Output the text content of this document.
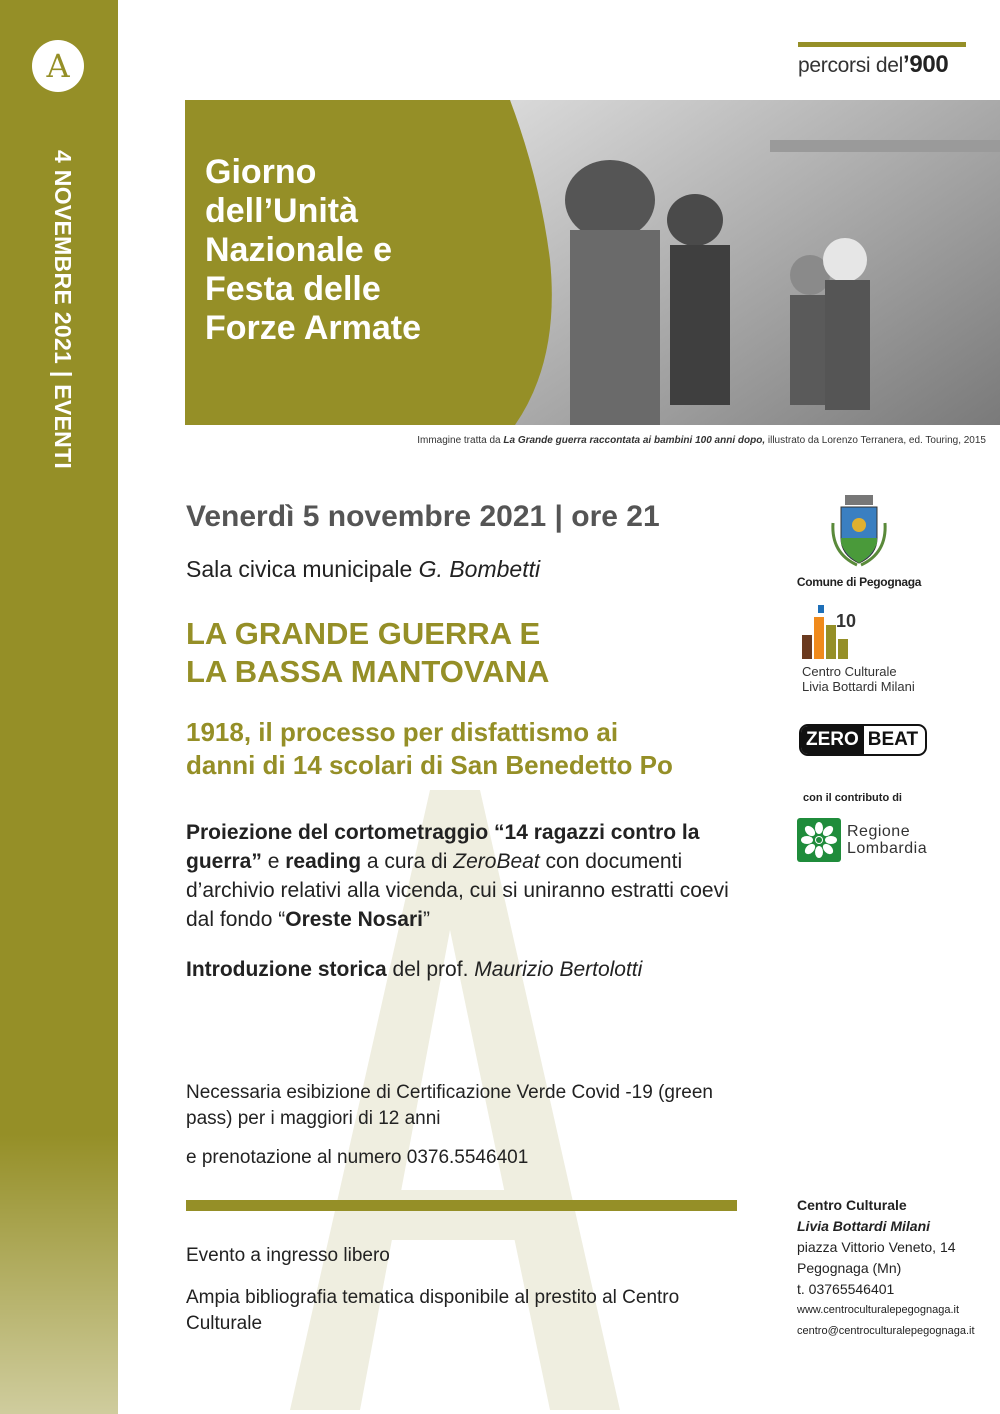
A
4 NOVEMBRE 2021 | EVENTI
percorsi del’900
Giorno
dell’Unità
Nazionale e
Festa delle
Forze Armate
Immagine tratta da La Grande guerra raccontata ai bambini 100 anni dopo, illustrato da Lorenzo Terranera, ed. Touring, 2015
Venerdì 5 novembre 2021 | ore 21
Sala civica municipale G. Bombetti
LA GRANDE GUERRA E
LA BASSA MANTOVANA
1918, il processo per disfattismo ai
danni di 14 scolari di San Benedetto Po
Proiezione del cortometraggio “14 ragazzi contro la guerra” e reading a cura di ZeroBeat con documenti d’archivio relativi alla vicenda, cui si uniranno estratti coevi dal fondo “Oreste Nosari”
Introduzione storica del prof. Maurizio Bertolotti
Necessaria esibizione di Certificazione Verde Covid -19 (green pass) per i maggiori di 12 anni
e prenotazione al numero 0376.5546401
Evento a ingresso libero
Ampia bibliografia tematica disponibile al prestito al Centro Culturale
Comune di Pegognaga
10
Centro Culturale
Livia Bottardi Milani
ZERO BEAT
con il contributo di
Regione
Lombardia
Centro Culturale
Livia Bottardi Milani
piazza Vittorio Veneto, 14
Pegognaga (Mn)
t. 03765546401
www.centroculturalepegognaga.it
centro@centroculturalepegognaga.it
